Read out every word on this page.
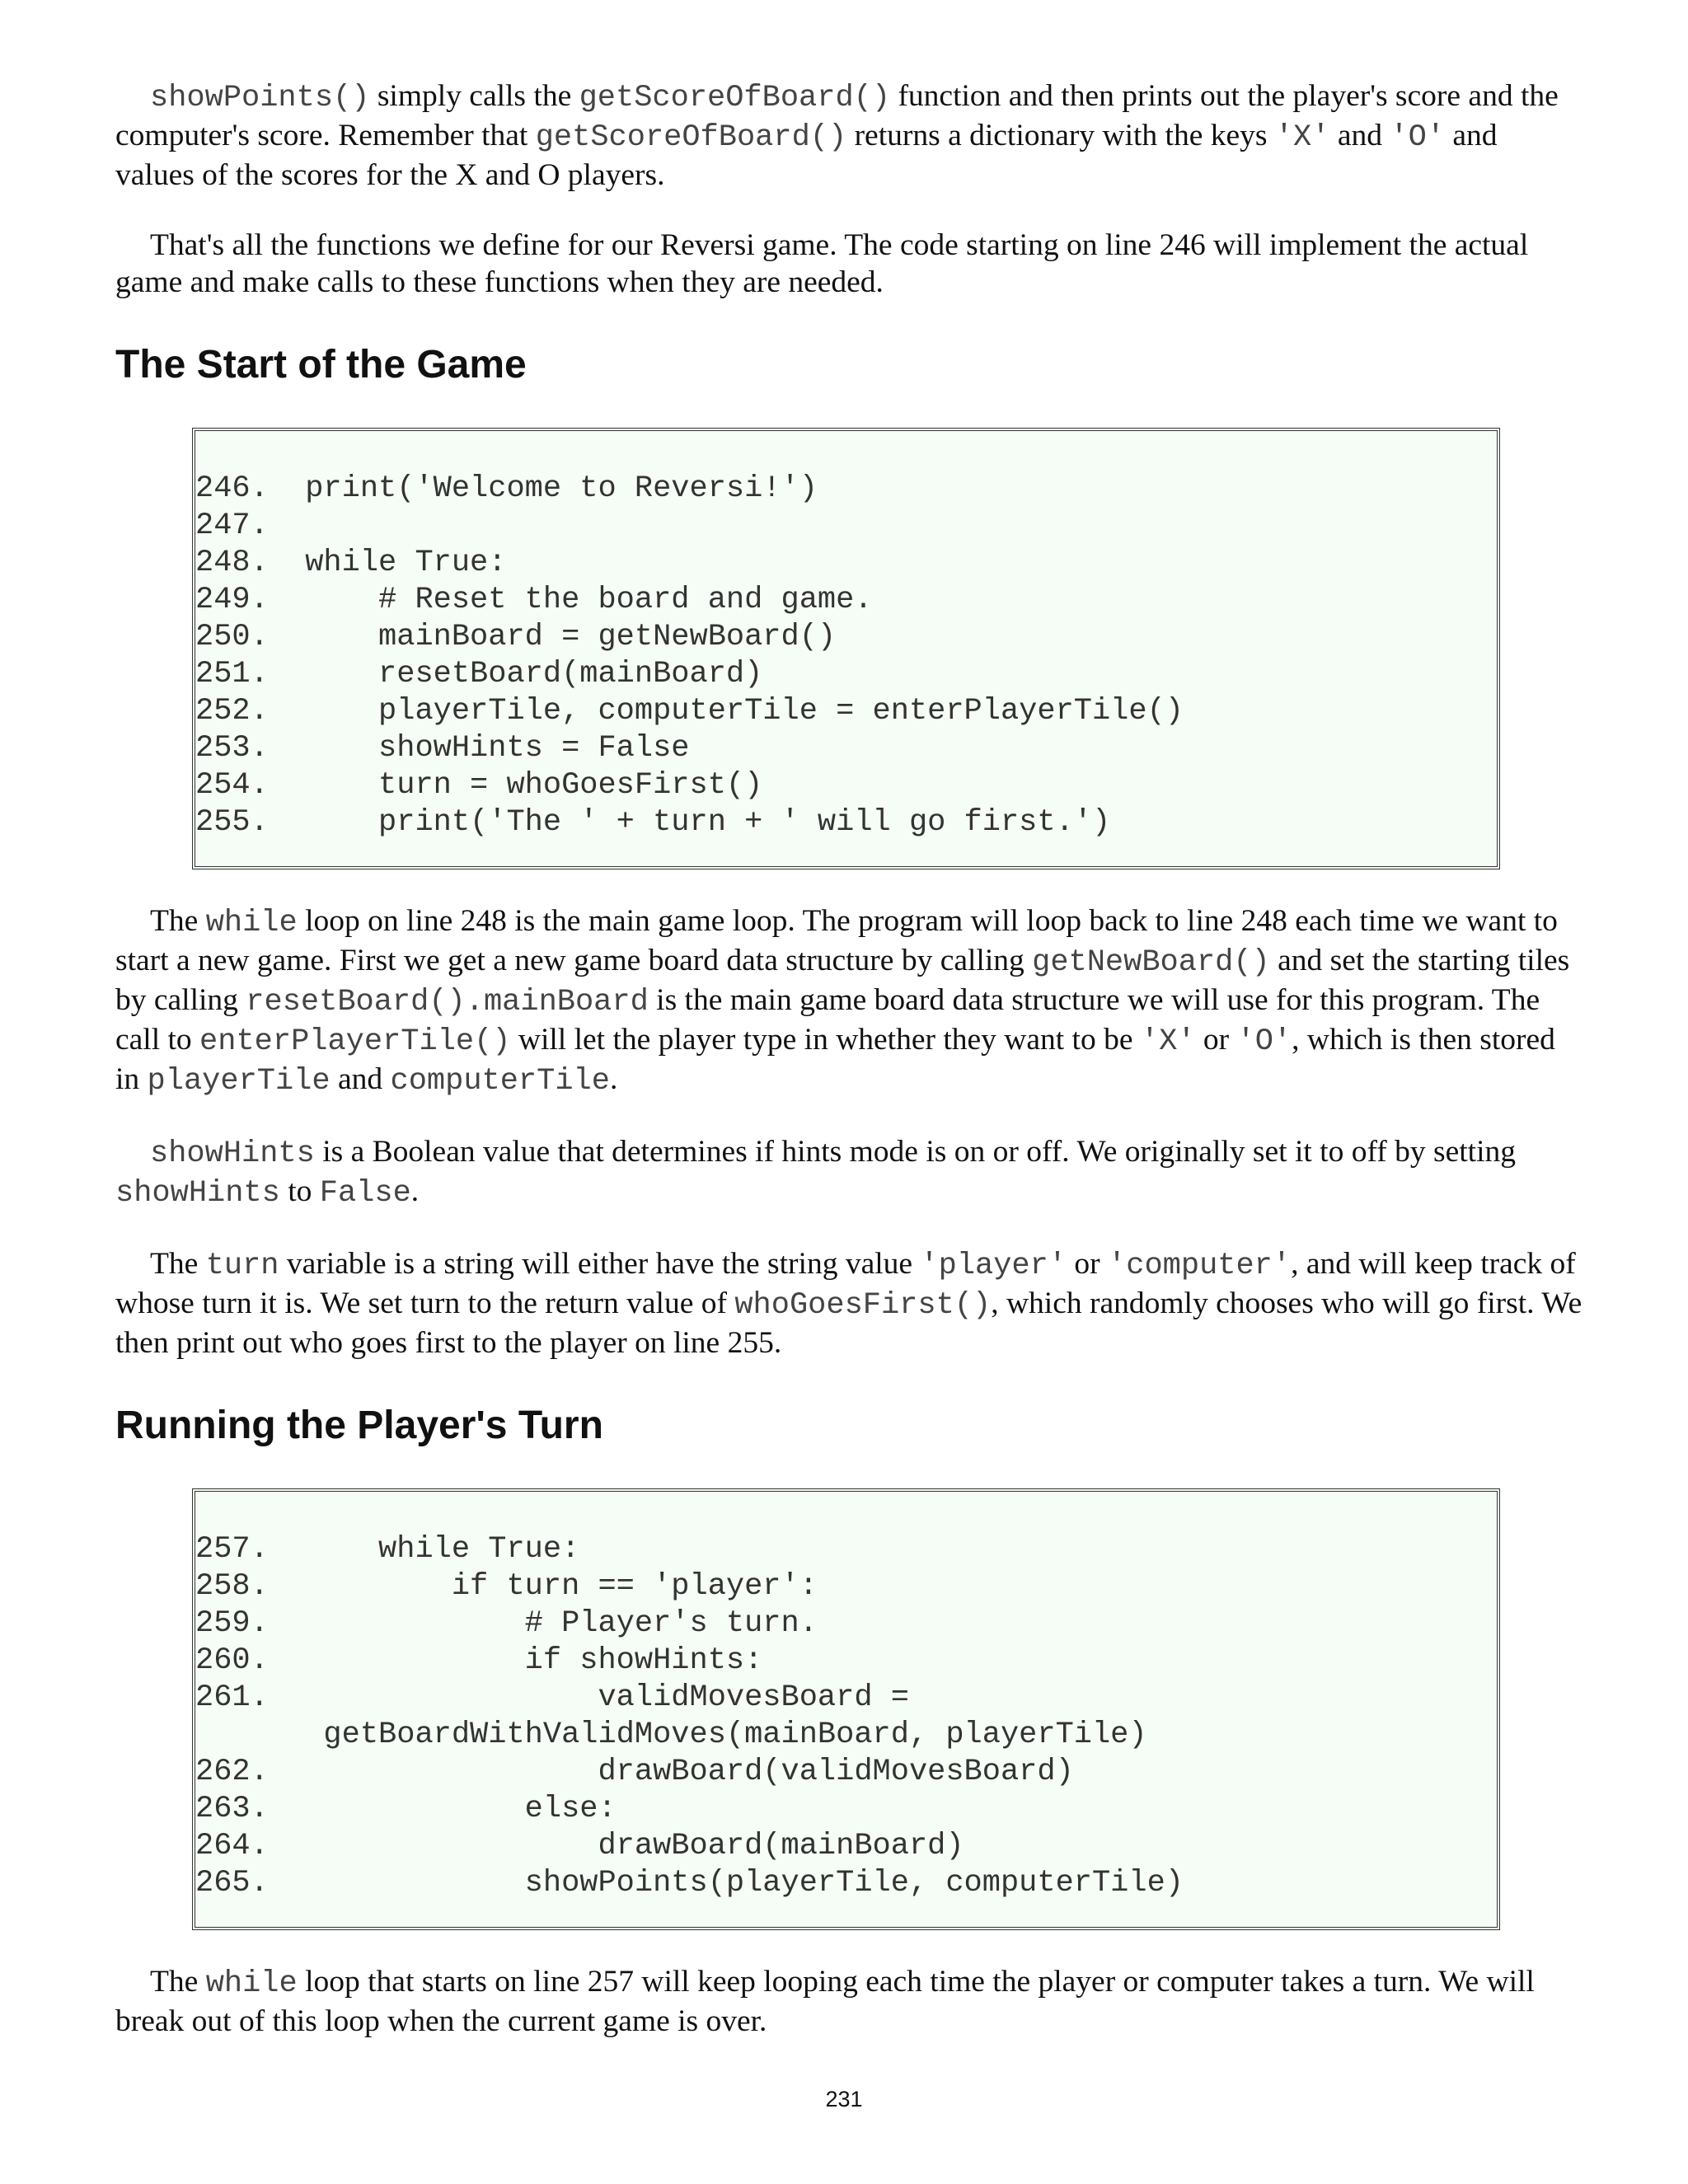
showPoints() simply calls the getScoreOfBoard() function and then prints out the player's score and the computer's score. Remember that getScoreOfBoard() returns a dictionary with the keys 'X' and 'O' and values of the scores for the X and O players.

That's all the functions we define for our Reversi game. The code starting on line 246 will implement the actual game and make calls to these functions when they are needed.

The Start of the Game
246.  print('Welcome to Reversi!')
247.
248.  while True:
249.      # Reset the board and game.
250.      mainBoard = getNewBoard()
251.      resetBoard(mainBoard)
252.      playerTile, computerTile = enterPlayerTile()
253.      showHints = False
254.      turn = whoGoesFirst()
255.      print('The ' + turn + ' will go first.')

The while loop on line 248 is the main game loop. The program will loop back to line 248 each time we want to start a new game. First we get a new game board data structure by calling getNewBoard() and set the starting tiles by calling resetBoard().mainBoard is the main game board data structure we will use for this program. The call to enterPlayerTile() will let the player type in whether they want to be 'X' or 'O', which is then stored in playerTile and computerTile.

showHints is a Boolean value that determines if hints mode is on or off. We originally set it to off by setting showHints to False.

The turn variable is a string will either have the string value 'player' or 'computer', and will keep track of whose turn it is. We set turn to the return value of whoGoesFirst(), which randomly chooses who will go first. We then print out who goes first to the player on line 255.

Running the Player's Turn
257.      while True:
258.          if turn == 'player':
259.              # Player's turn.
260.              if showHints:
261.                  validMovesBoard =
getBoardWithValidMoves(mainBoard, playerTile)
262.                  drawBoard(validMovesBoard)
263.              else:
264.                  drawBoard(mainBoard)
265.              showPoints(playerTile, computerTile)

The while loop that starts on line 257 will keep looping each time the player or computer takes a turn. We will break out of this loop when the current game is over.

231
